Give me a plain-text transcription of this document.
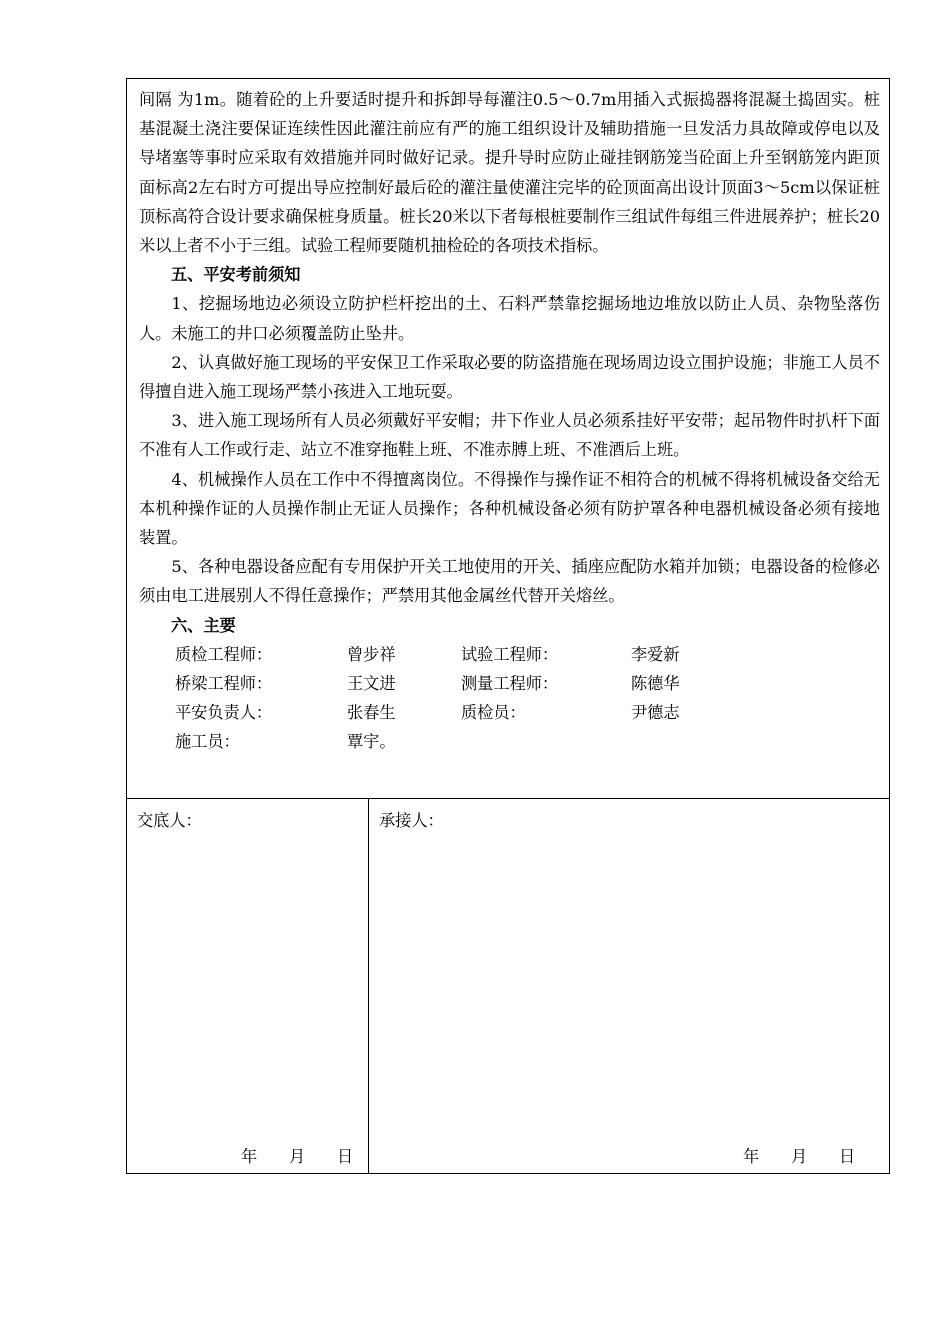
间隔 为1m。随着砼的上升要适时提升和拆卸导每灌注0.5～0.7m用插入式振捣器将混凝土捣固实。桩基混凝土浇注要保证连续性因此灌注前应有严的施工组织设计及辅助措施一旦发活力具故障或停电以及导堵塞等事时应采取有效措施并同时做好记录。提升导时应防止碰挂钢筋笼当砼面上升至钢筋笼内距顶面标高2左右时方可提出导应控制好最后砼的灌注量使灌注完毕的砼顶面高出设计顶面3～5cm以保证桩顶标高符合设计要求确保桩身质量。桩长20米以下者每根桩要制作三组试件每组三件进展养护；桩长20米以上者不小于三组。试验工程师要随机抽检砼的各项技术指标。

五、平安考前须知

1、挖掘场地边必须设立防护栏杆挖出的土、石料严禁靠挖掘场地边堆放以防止人员、杂物坠落伤人。未施工的井口必须覆盖防止坠井。

2、认真做好施工现场的平安保卫工作采取必要的防盗措施在现场周边设立围护设施；非施工人员不得擅自进入施工现场严禁小孩进入工地玩耍。

3、进入施工现场所有人员必须戴好平安帽；井下作业人员必须系挂好平安带；起吊物件时扒杆下面不准有人工作或行走、站立不准穿拖鞋上班、不准赤膊上班、不准酒后上班。

4、机械操作人员在工作中不得擅离岗位。不得操作与操作证不相符合的机械不得将机械设备交给无本机种操作证的人员操作制止无证人员操作；各种机械设备必须有防护罩各种电器机械设备必须有接地装置。

5、各种电器设备应配有专用保护开关工地使用的开关、插座应配防水箱并加锁；电器设备的检修必须由电工进展别人不得任意操作；严禁用其他金属丝代替开关熔丝。

六、主要

质检工程师：	曾步祥	试验工程师：	李爱新
桥梁工程师：	王文进	测量工程师：	陈德华
平安负责人：	张春生	质检员：	尹德志
施工员：	覃宇。
交底人：
年	月	日
承接人：
年	月	日
